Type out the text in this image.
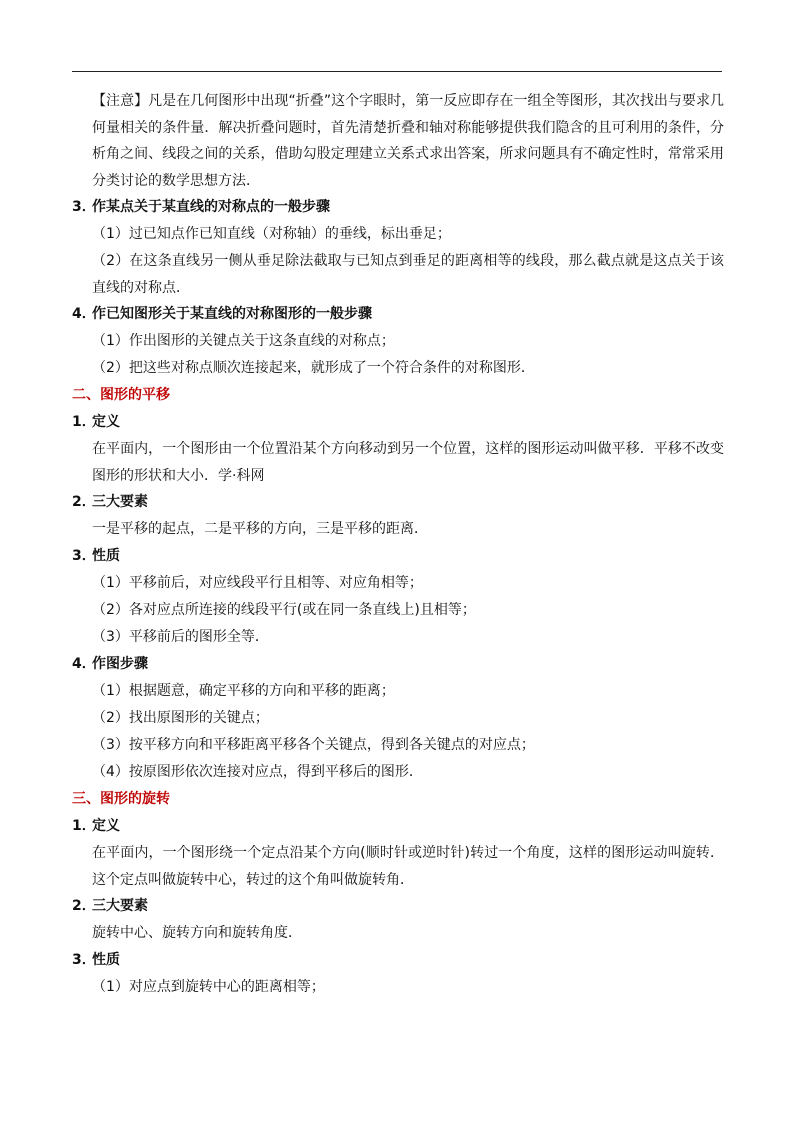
【注意】凡是在几何图形中出现“折叠”这个字眼时，第一反应即存在一组全等图形，其次找出与要求几何量相关的条件量．解决折叠问题时，首先清楚折叠和轴对称能够提供我们隐含的且可利用的条件，分析角之间、线段之间的关系，借助勾股定理建立关系式求出答案，所求问题具有不确定性时，常常采用分类讨论的数学思想方法．
3．作某点关于某直线的对称点的一般步骤
（1）过已知点作已知直线（对称轴）的垂线，标出垂足；
（2）在这条直线另一侧从垂足除法截取与已知点到垂足的距离相等的线段，那么截点就是这点关于该直线的对称点．
4．作已知图形关于某直线的对称图形的一般步骤
（1）作出图形的关键点关于这条直线的对称点；
（2）把这些对称点顺次连接起来，就形成了一个符合条件的对称图形．
二、图形的平移
1．定义
在平面内，一个图形由一个位置沿某个方向移动到另一个位置，这样的图形运动叫做平移．平移不改变图形的形状和大小．学·科网
2．三大要素
一是平移的起点，二是平移的方向，三是平移的距离．
3．性质
（1）平移前后，对应线段平行且相等、对应角相等；
（2）各对应点所连接的线段平行(或在同一条直线上)且相等；
（3）平移前后的图形全等．
4．作图步骤
（1）根据题意，确定平移的方向和平移的距离；
（2）找出原图形的关键点；
（3）按平移方向和平移距离平移各个关键点，得到各关键点的对应点；
（4）按原图形依次连接对应点，得到平移后的图形．
三、图形的旋转
1．定义
在平面内，一个图形绕一个定点沿某个方向(顺时针或逆时针)转过一个角度，这样的图形运动叫旋转．这个定点叫做旋转中心，转过的这个角叫做旋转角．
2．三大要素
旋转中心、旋转方向和旋转角度．
3．性质
（1）对应点到旋转中心的距离相等；
